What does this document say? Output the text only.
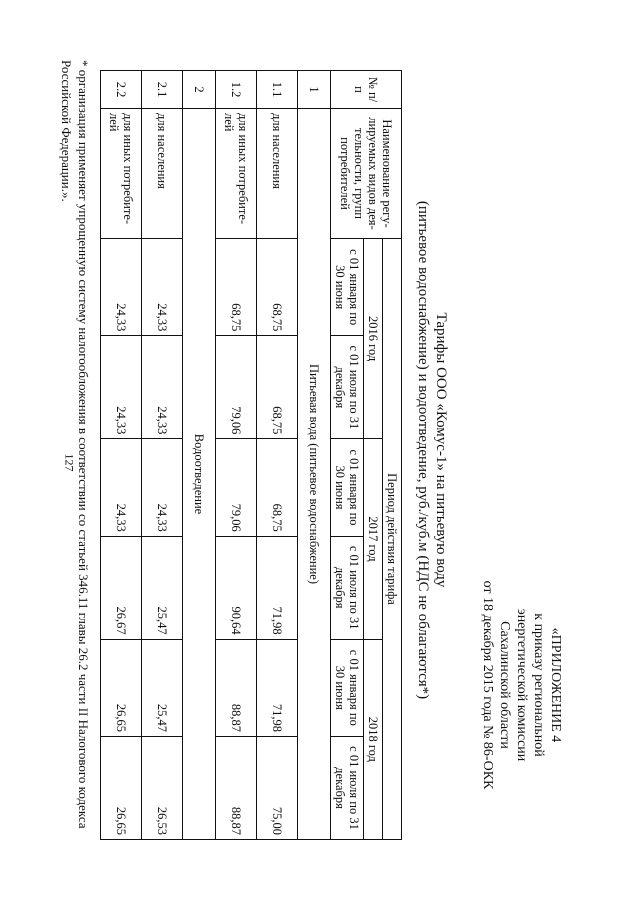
127
«ПРИЛОЖЕНИЕ 4
к приказу региональной
энергетической комиссии
Сахалинской области
от 18 декабря 2015 года № 86-ОКК
Тарифы ООО «Комус-1» на питьевую воду
(питьевое водоснабжение) и водоотведение, руб./куб.м (НДС не облагаются*)
№ п/п	Наименование регу-лируемых видов дея-тельности, групп потребителей	Период действия тарифа					
		2016 год		2017 год		2018 год	
		с 01 января по 30 июня	с 01 июля по 31 декабря	с 01 января по 30 июня	с 01 июля по 31 декабря	с 01 января по 30 июня	с 01 июля по 31 декабря
1	Питьевая вода (питьевое водоснабжение)						
1.1	для населения	68,75	68,75	68,75	71,98	71,98	75,00
1.2	для иных потребите-лей	68,75	79,06	79,06	90,64	88,87	88,87
2	Водоотведение						
2.1	для населения	24,33	24,33	24,33	25,47	25,47	26,53
2.2	для иных потребите-лей	24,33	24,33	24,33	26,67	26,65	26,65
* организация применяет упрощенную систему налогообложения в соответствии со статьей 346.11 главы 26.2 части II Налогового кодекса Российской Федерации.».
